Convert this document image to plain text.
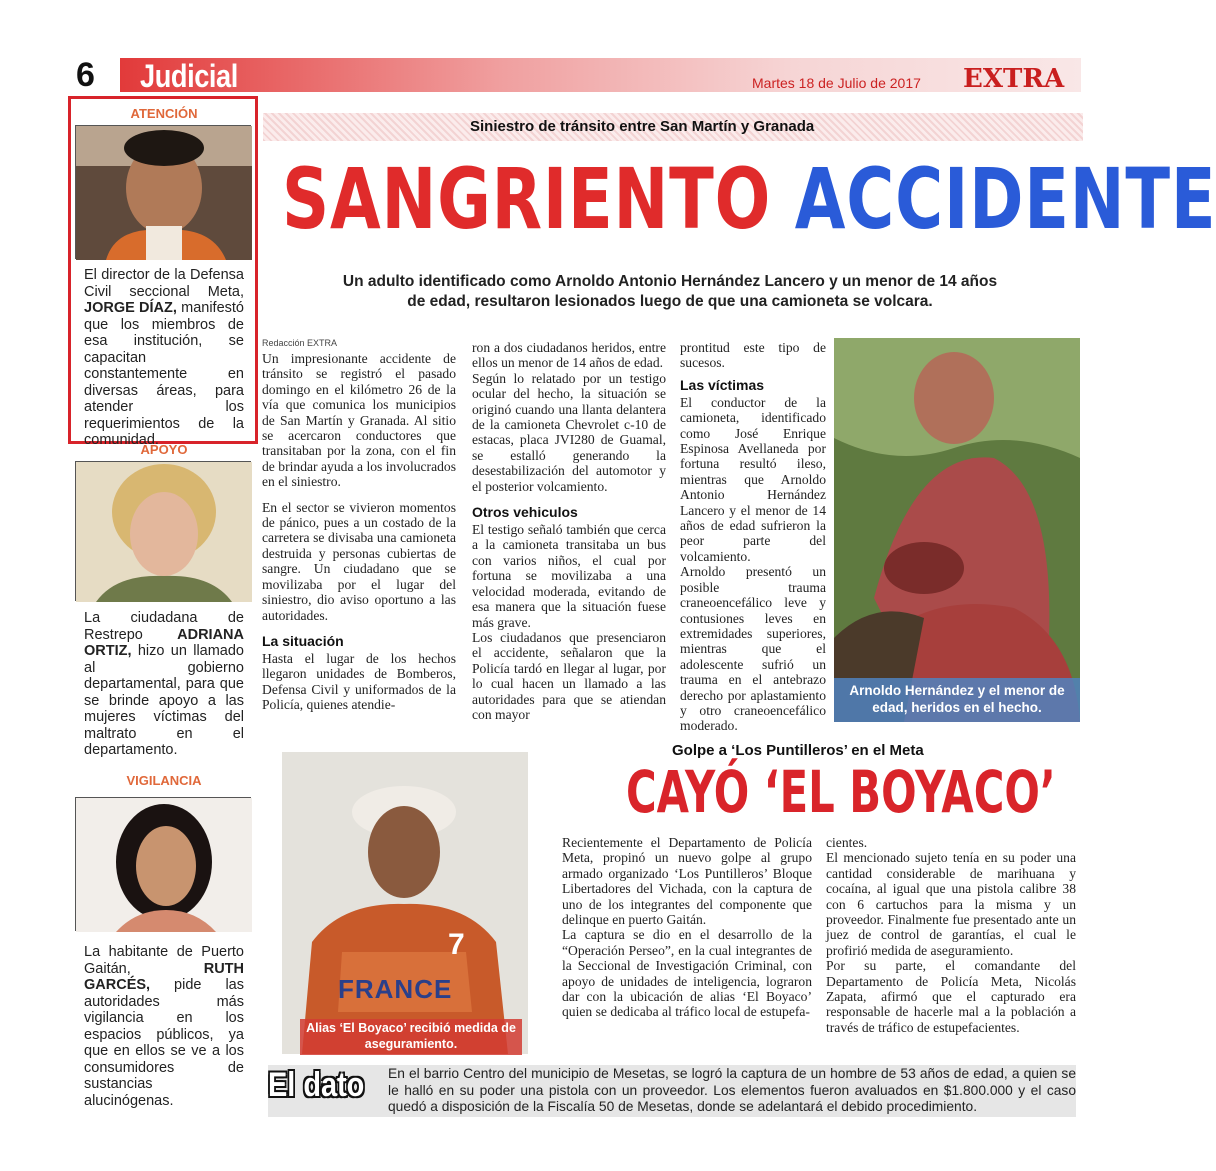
6 Judicial	Martes 18 de Julio de 2017 EXTRA
ATENCIÓN
El director de la Defensa Civil seccional Meta, JORGE DÍAZ, manifestó que los miembros de esa institución, se capacitan constantemente en diversas áreas, para atender los requerimientos de la comunidad.
APOYO
La ciudadana de Restrepo ADRIANA ORTIZ, hizo un llamado al gobierno departamental, para que se brinde apoyo a las mujeres víctimas del maltrato en el departamento.
VIGILANCIA
La habitante de Puerto Gaitán, RUTH GARCÉS, pide las autoridades más vigilancia en los espacios públicos, ya que en ellos se ve a los consumidores de sustancias alucinógenas.
Siniestro de tránsito entre San Martín y Granada
SANGRIENTO ACCIDENTE
Un adulto identificado como Arnoldo Antonio Hernández Lancero y un menor de 14 años de edad, resultaron lesionados luego de que una camioneta se volcara.
Redacción EXTRA

Un impresionante accidente de tránsito se registró el pasado domingo en el kilómetro 26 de la vía que comunica los municipios de San Martín y Granada. Al sitio se acercaron conductores que transitaban por la zona, con el fin de brindar ayuda a los involucrados en el siniestro.

En el sector se vivieron momentos de pánico, pues a un costado de la carretera se divisaba una camioneta destruida y personas cubiertas de sangre. Un ciudadano que se movilizaba por el lugar del siniestro, dio aviso oportuno a las autoridades.

La situación

Hasta el lugar de los hechos llegaron unidades de Bomberos, Defensa Civil y uniformados de la Policía, quienes atendie-

ron a dos ciudadanos heridos, entre ellos un menor de 14 años de edad.

Según lo relatado por un testigo ocular del hecho, la situación se originó cuando una llanta delantera de la camioneta Chevrolet c-10 de estacas, placa JVI280 de Guamal, se estalló generando la desestabilización del automotor y el posterior volcamiento.

Otros vehiculos

El testigo señaló también que cerca a la camioneta transitaba un bus con varios niños, el cual por fortuna se movilizaba a una velocidad moderada, evitando de esa manera que la situación fuese más grave.

Los ciudadanos que presenciaron el accidente, señalaron que la Policía tardó en llegar al lugar, por lo cual hacen un llamado a las autoridades para que se atiendan con mayor

prontitud este tipo de sucesos.

Las víctimas

El conductor de la camioneta, identificado como José Enrique Espinosa Avellaneda por fortuna resultó ileso, mientras que Arnoldo Antonio Hernández Lancero y el menor de 14 años de edad sufrieron la peor parte del volcamiento.

Arnoldo presentó un posible trauma craneoencefálico leve y contusiones leves en extremidades superiores, mientras que el adolescente sufrió un trauma en el antebrazo derecho por aplastamiento y otro craneoencefálico moderado.

Arnoldo Hernández y el menor de edad, heridos en el hecho.
FRANCE
7
Alias ‘El Boyaco’ recibió medida de aseguramiento.
Golpe a ‘Los Puntilleros’ en el Meta
CAYÓ ‘EL BOYACO’

Recientemente el Departamento de Policía Meta, propinó un nuevo golpe al grupo armado organizado ‘Los Puntilleros’ Bloque Libertadores del Vichada, con la captura de uno de los integrantes del componente que delinque en puerto Gaitán.

La captura se dio en el desarrollo de la “Operación Perseo”, en la cual integrantes de la Seccional de Investigación Criminal, con apoyo de unidades de inteligencia, lograron dar con la ubicación de alias ‘El Boyaco’ quien se dedicaba al tráfico local de estupefa-

cientes.

El mencionado sujeto tenía en su poder una cantidad considerable de marihuana y cocaína, al igual que una pistola calibre 38 con 6 cartuchos para la misma y un proveedor. Finalmente fue presentado ante un juez de control de garantías, el cual le profirió medida de aseguramiento.

Por su parte, el comandante del Departamento de Policía Meta, Nicolás Zapata, afirmó que el capturado era responsable de hacerle mal a la población a través de tráfico de estupefacientes.

El dato En el barrio Centro del municipio de Mesetas, se logró la captura de un hombre de 53 años de edad, a quien se le halló en su poder una pistola con un proveedor. Los elementos fueron avaluados en $1.800.000 y el caso quedó a disposición de la Fiscalía 50 de Mesetas, donde se adelantará el debido procedimiento.
